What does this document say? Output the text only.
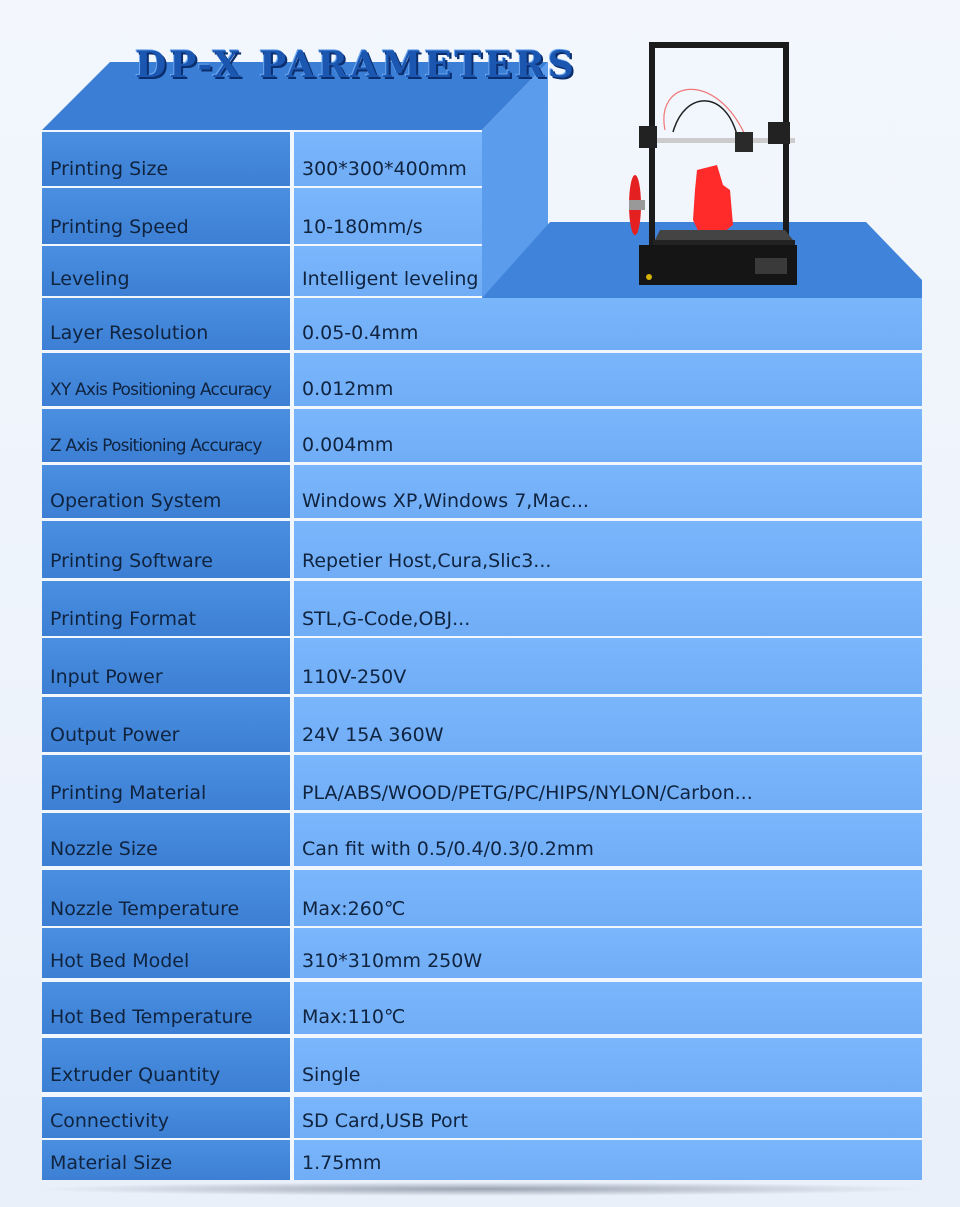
DP-X PARAMETERS
Printing Size	300*300*400mm
Printing Speed	10-180mm/s
Leveling	Intelligent leveling
Layer Resolution	0.05-0.4mm
XY Axis Positioning Accuracy	0.012mm
Z Axis Positioning Accuracy	0.004mm
Operation System	Windows XP,Windows 7,Mac...
Printing Software	Repetier Host,Cura,Slic3...
Printing Format	STL,G-Code,OBJ...
Input Power	110V-250V
Output Power	24V 15A 360W
Printing Material	PLA/ABS/WOOD/PETG/PC/HIPS/NYLON/Carbon...
Nozzle Size	Can fit with 0.5/0.4/0.3/0.2mm
Nozzle Temperature	Max:260℃
Hot Bed Model	310*310mm 250W
Hot Bed Temperature	Max:110℃
Extruder Quantity	Single
Connectivity	SD Card,USB Port
Material Size	1.75mm
